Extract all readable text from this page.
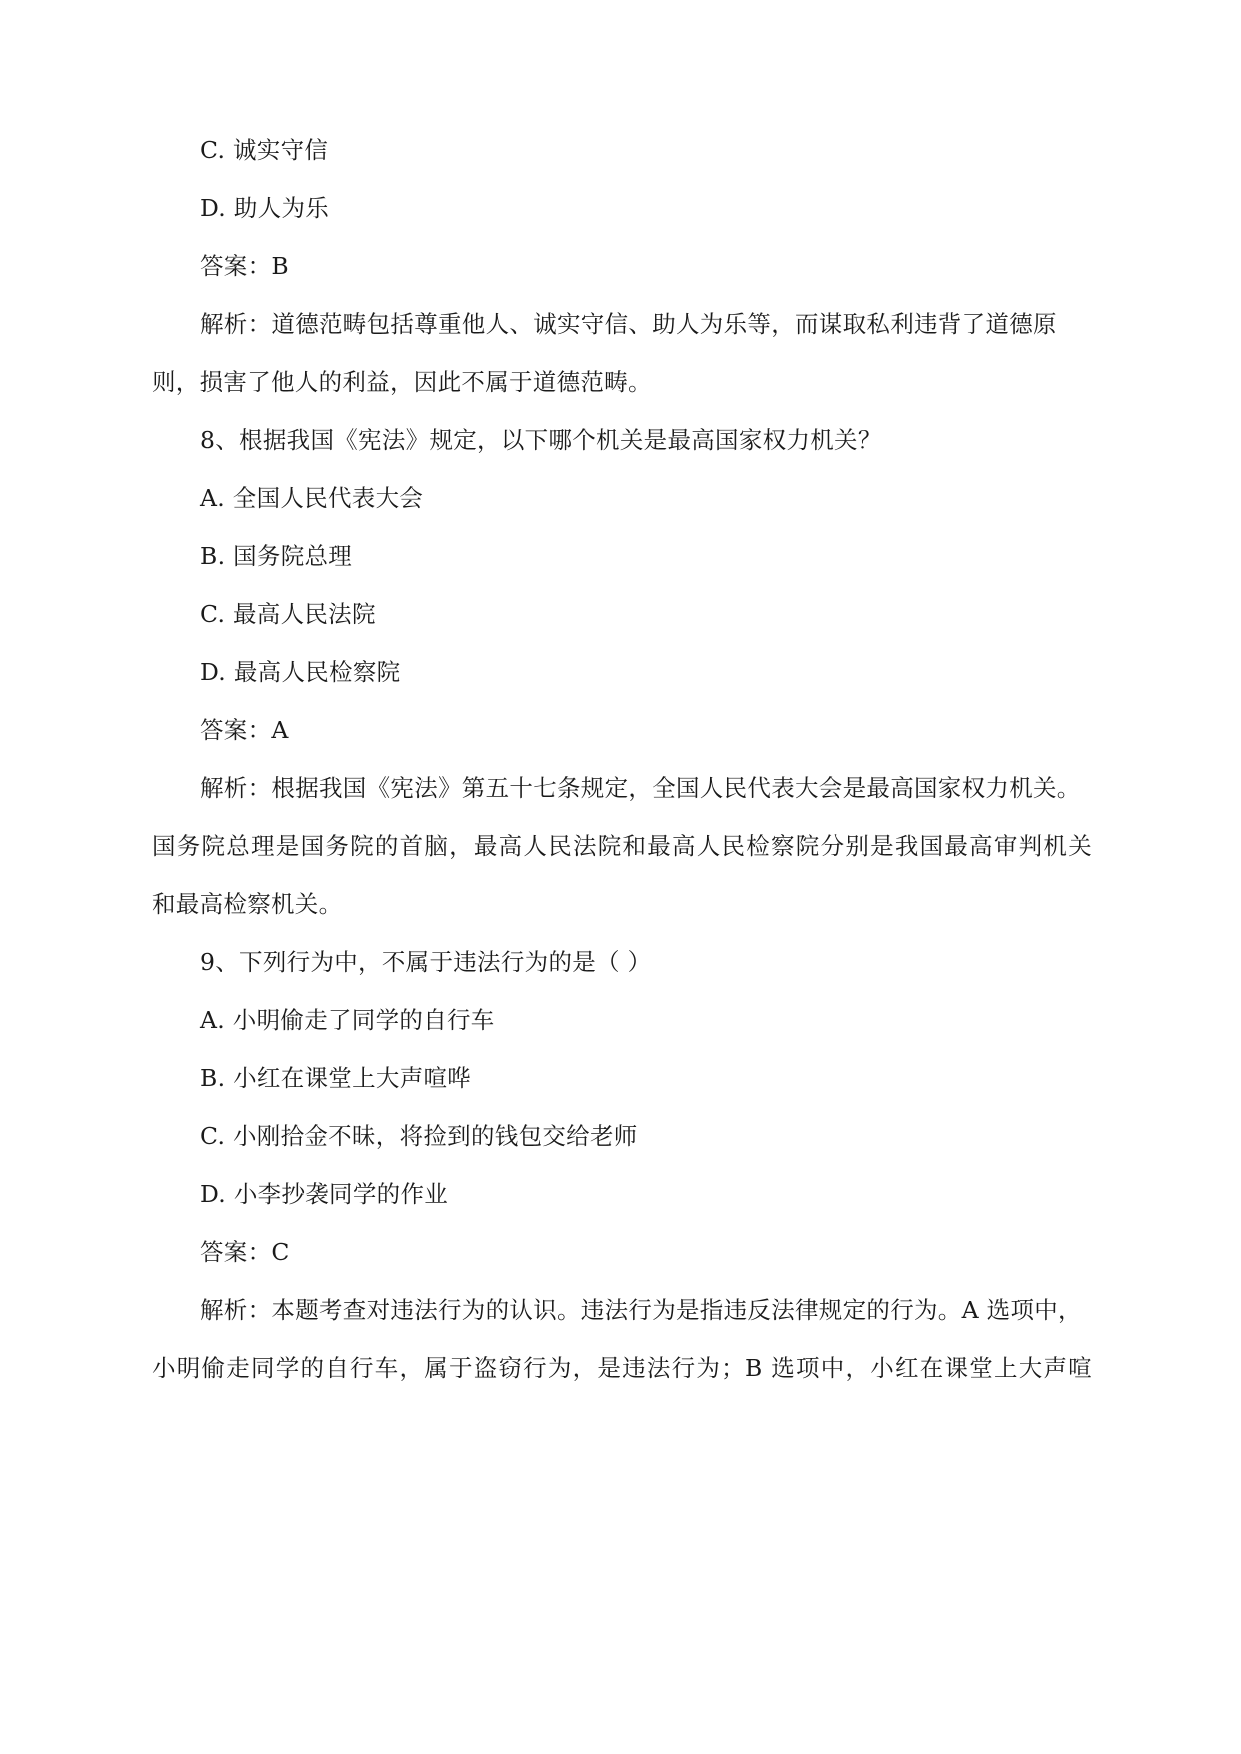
C. 诚实守信
D. 助人为乐
答案：B
解析：道德范畴包括尊重他人、诚实守信、助人为乐等，而谋取私利违背了道德原
则，损害了他人的利益，因此不属于道德范畴。
8、根据我国《宪法》规定，以下哪个机关是最高国家权力机关？
A. 全国人民代表大会
B. 国务院总理
C. 最高人民法院
D. 最高人民检察院
答案：A
解析：根据我国《宪法》第五十七条规定，全国人民代表大会是最高国家权力机关。
国务院总理是国务院的首脑，最高人民法院和最高人民检察院分别是我国最高审判机关
和最高检察机关。
9、下列行为中，不属于违法行为的是（ ）
A. 小明偷走了同学的自行车
B. 小红在课堂上大声喧哗
C. 小刚拾金不昧，将捡到的钱包交给老师
D. 小李抄袭同学的作业
答案：C
解析：本题考查对违法行为的认识。违法行为是指违反法律规定的行为。A 选项中，
小明偷走同学的自行车，属于盗窃行为，是违法行为；B 选项中，小红在课堂上大声喧
